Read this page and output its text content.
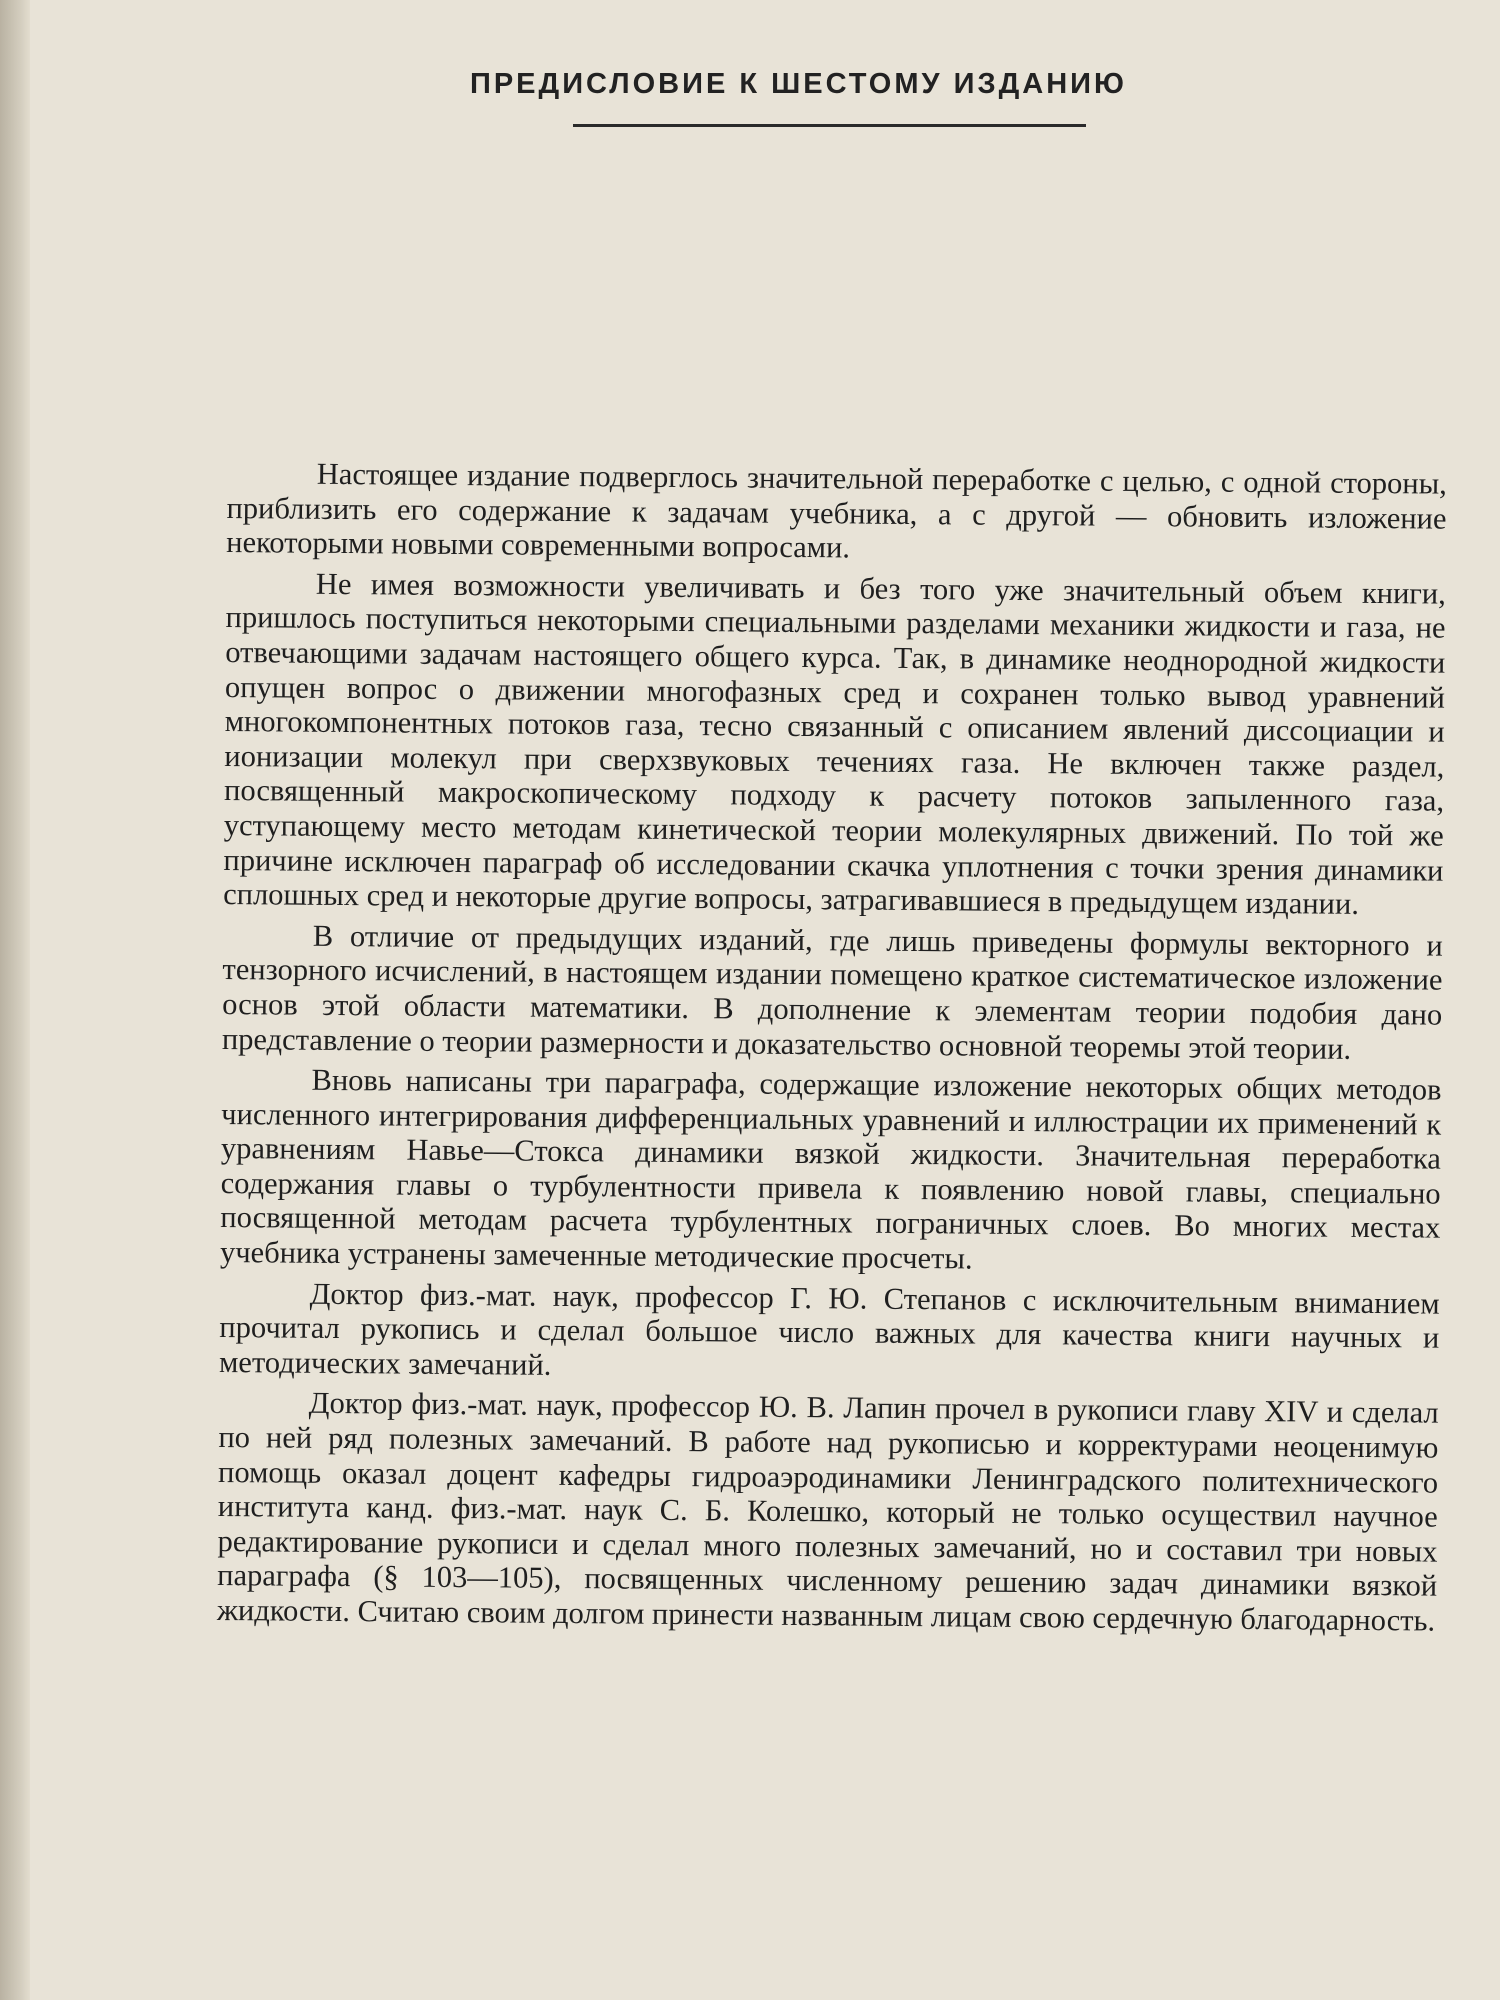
ПРЕДИСЛОВИЕ К ШЕСТОМУ ИЗДАНИЮ

Настоящее издание подверглось значительной переработке с целью, с одной стороны, приблизить его содержание к задачам учебника, а с другой — обновить изложение некоторыми новыми современными вопросами.

Не имея возможности увеличивать и без того уже значительный объем книги, пришлось поступиться некоторыми специальными разделами механики жидкости и газа, не отвечающими задачам настоящего общего курса. Так, в динамике неоднородной жидкости опущен вопрос о движении многофазных сред и сохранен только вывод уравнений многокомпонентных потоков газа, тесно связанный с описанием явлений диссоциации и ионизации молекул при сверхзвуковых течениях газа. Не включен также раздел, посвященный макроскопическому подходу к расчету потоков запыленного газа, уступающему место методам кинетической теории молекулярных движений. По той же причине исключен параграф об исследовании скачка уплотнения с точки зрения динамики сплошных сред и некоторые другие вопросы, затрагивавшиеся в предыдущем издании.

В отличие от предыдущих изданий, где лишь приведены формулы векторного и тензорного исчислений, в настоящем издании помещено краткое систематическое изложение основ этой области математики. В дополнение к элементам теории подобия дано представление о теории размерности и доказательство основной теоремы этой теории.

Вновь написаны три параграфа, содержащие изложение некоторых общих методов численного интегрирования дифференциальных уравнений и иллюстрации их применений к уравнениям Навье—Стокса динамики вязкой жидкости. Значительная переработка содержания главы о турбулентности привела к появлению новой главы, специально посвященной методам расчета турбулентных пограничных слоев. Во многих местах учебника устранены замеченные методические просчеты.

Доктор физ.-мат. наук, профессор Г. Ю. Степанов с исключительным вниманием прочитал рукопись и сделал большое число важных для качества книги научных и методических замечаний.

Доктор физ.-мат. наук, профессор Ю. В. Лапин прочел в рукописи главу XIV и сделал по ней ряд полезных замечаний. В работе над рукописью и корректурами неоценимую помощь оказал доцент кафедры гидроаэродинамики Ленинградского политехнического института канд. физ.-мат. наук С. Б. Колешко, который не только осуществил научное редактирование рукописи и сделал много полезных замечаний, но и составил три новых параграфа (§ 103—105), посвященных численному решению задач динамики вязкой жидкости. Считаю своим долгом принести названным лицам свою сердечную благодарность.
